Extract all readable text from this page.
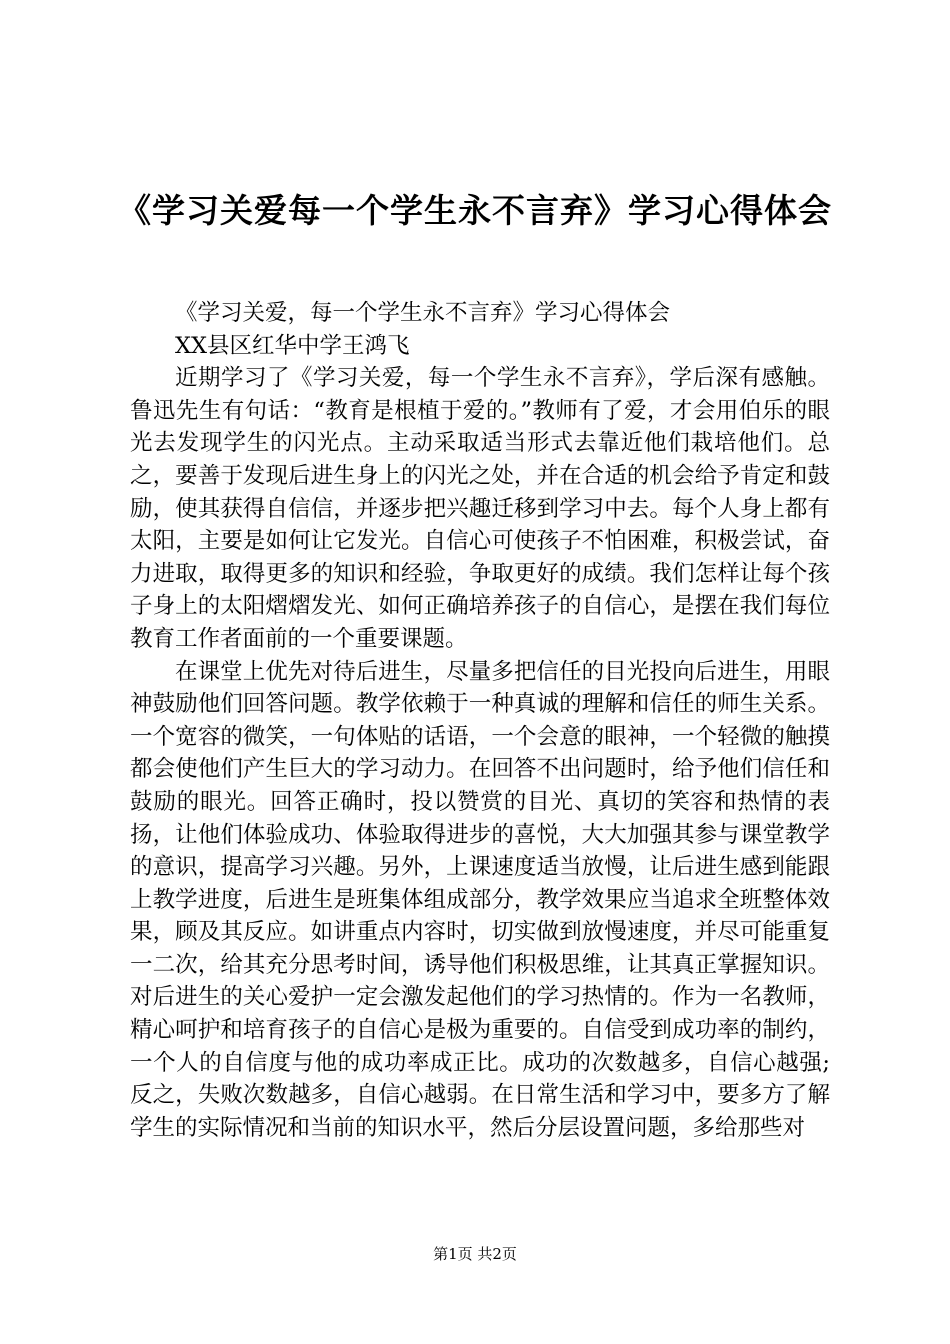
《学习关爱每一个学生永不言弃》学习心得体会

《学习关爱，每一个学生永不言弃》学习心得体会

XX县区红华中学王鸿飞

近期学习了《学习关爱，每一个学生永不言弃》，学后深有感触。鲁迅先生有句话：“教育是根植于爱的。”教师有了爱，才会用伯乐的眼光去发现学生的闪光点。主动采取适当形式去靠近他们栽培他们。总之，要善于发现后进生身上的闪光之处，并在合适的机会给予肯定和鼓励，使其获得自信信，并逐步把兴趣迁移到学习中去。每个人身上都有太阳，主要是如何让它发光。自信心可使孩子不怕困难，积极尝试，奋力进取，取得更多的知识和经验，争取更好的成绩。我们怎样让每个孩子身上的太阳熠熠发光、如何正确培养孩子的自信心，是摆在我们每位教育工作者面前的一个重要课题。

在课堂上优先对待后进生，尽量多把信任的目光投向后进生，用眼神鼓励他们回答问题。教学依赖于一种真诚的理解和信任的师生关系。一个宽容的微笑，一句体贴的话语，一个会意的眼神，一个轻微的触摸都会使他们产生巨大的学习动力。在回答不出问题时，给予他们信任和鼓励的眼光。回答正确时，投以赞赏的目光、真切的笑容和热情的表扬，让他们体验成功、体验取得进步的喜悦，大大加强其参与课堂教学的意识，提高学习兴趣。另外，上课速度适当放慢，让后进生感到能跟上教学进度，后进生是班集体组成部分，教学效果应当追求全班整体效果，顾及其反应。如讲重点内容时，切实做到放慢速度，并尽可能重复一二次，给其充分思考时间，诱导他们积极思维，让其真正掌握知识。对后进生的关心爱护一定会激发起他们的学习热情的。作为一名教师，精心呵护和培育孩子的自信心是极为重要的。自信受到成功率的制约，一个人的自信度与他的成功率成正比。成功的次数越多，自信心越强;反之，失败次数越多，自信心越弱。在日常生活和学习中，要多方了解学生的实际情况和当前的知识水平，然后分层设置问题，多给那些对

第1页 共2页
